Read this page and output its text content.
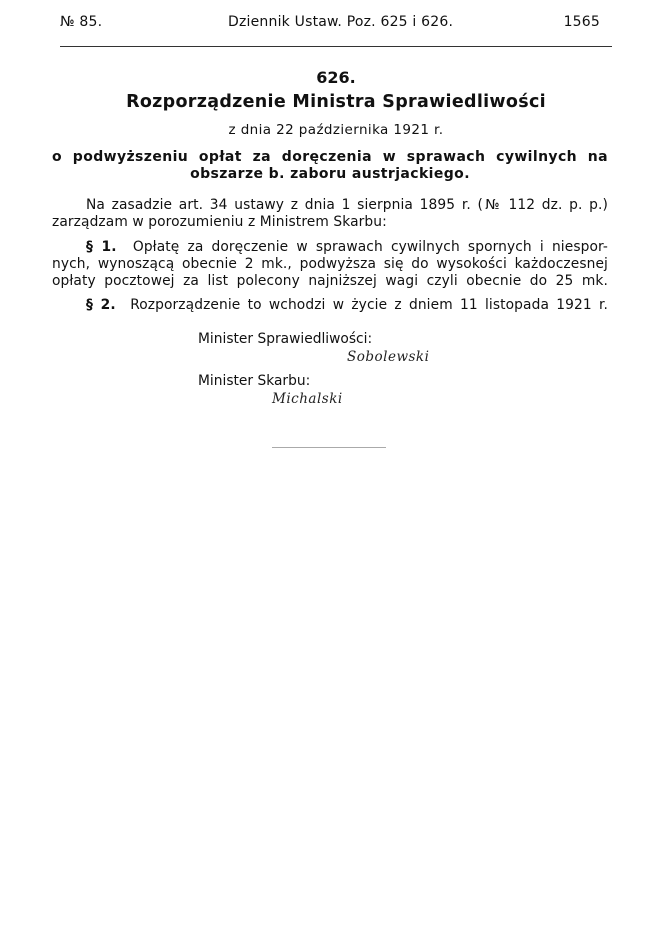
№ 85.	Dziennik Ustaw. Poz. 625 i 626.	1565
626.
Rozporządzenie Ministra Sprawiedliwości
z dnia 22 października 1921 r.
o podwyższeniu opłat za doręczenia w sprawach cywilnych na
obszarze b. zaboru austrjackiego.
Na zasadzie art. 34 ustawy z dnia 1 sierpnia 1895 r. (№ 112 dz. p. p.)
zarządzam w porozumieniu z Ministrem Skarbu:
§ 1. Opłatę za doręczenie w sprawach cywilnych spornych i niespor-
nych, wynoszącą obecnie 2 mk., podwyższa się do wysokości każdoczesnej
opłaty pocztowej za list polecony najniższej wagi czyli obecnie do 25 mk.
§ 2. Rozporządzenie to wchodzi w życie z dniem 11 listopada 1921 r.
Minister Sprawiedliwości:
Sobolewski
Minister Skarbu:
Michalski
